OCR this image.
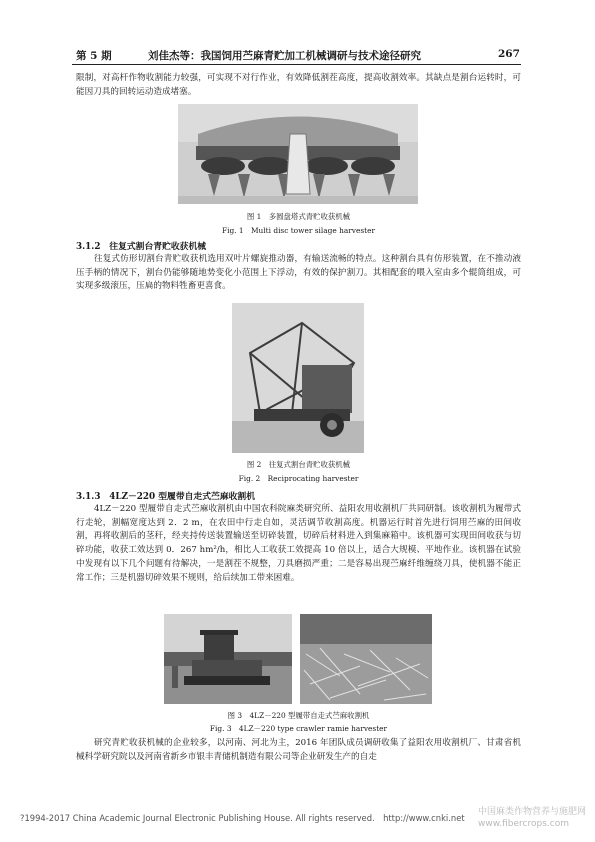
第 5 期	刘佳杰等：我国饲用苎麻青贮加工机械调研与技术途径研究	267
限制，对高杆作物收割能力较强，可实现不对行作业，有效降低割茬高度，提高收割效率。其缺点是割台运转时，可能因刀具的回转运动造成堵塞。
图 1　多圆盘塔式青贮收获机械
Fig. 1　Multi disc tower silage harvester
3.1.2　往复式割台青贮收获机械
往复式仿形切割台青贮收获机选用双叶片螺旋推动器，有输送流畅的特点。这种割台具有仿形装置，在不推动液压手柄的情况下，割台仍能够随地势变化小范围上下浮动，有效的保护割刀。其相配套的喂入室由多个辊筒组成，可实现多级滚压，压扁的物料牲畜更喜食。
图 2　往复式割台青贮收获机械
Fig. 2　Reciprocating harvester
3.1.3　4LZ－220 型履带自走式苎麻收割机
4LZ－220 型履带自走式苎麻收割机由中国农科院麻类研究所、益阳农用收割机厂共同研制。该收割机为履带式行走轮，割幅宽度达到 2．2 m，在农田中行走自如，灵活调节收割高度。机器运行时首先进行饲用苎麻的田间收割，再将收割后的茎秆，经夹持传送装置输送至切碎装置，切碎后材料进入到集麻箱中。该机器可实现田间收获与切碎功能，收获工效达到 0．267 hm²/h，相比人工收获工效提高 10 倍以上，适合大规模、平地作业。该机器在试验中发现有以下几个问题有待解决，一是割茬不规整，刀具磨损严重；二是容易出现苎麻纤维缠绕刀具，使机器不能正常工作；三是机器切碎效果不规则，给后续加工带来困难。
图 3　4LZ－220 型履带自走式苎麻收割机
Fig. 3　4LZ－220 type crawler ramie harvester
研究青贮收获机械的企业较多，以河南、河北为主，2016 年团队成员调研收集了益阳农用收割机厂、甘肃省机械科学研究院以及河南省新乡市银丰青储机制造有限公司等企业研发生产的自走
?1994-2017 China Academic Journal Electronic Publishing House. All rights reserved.　http://www.cnki.net
中国麻类作物营养与施肥网
www.fibercrops.com
